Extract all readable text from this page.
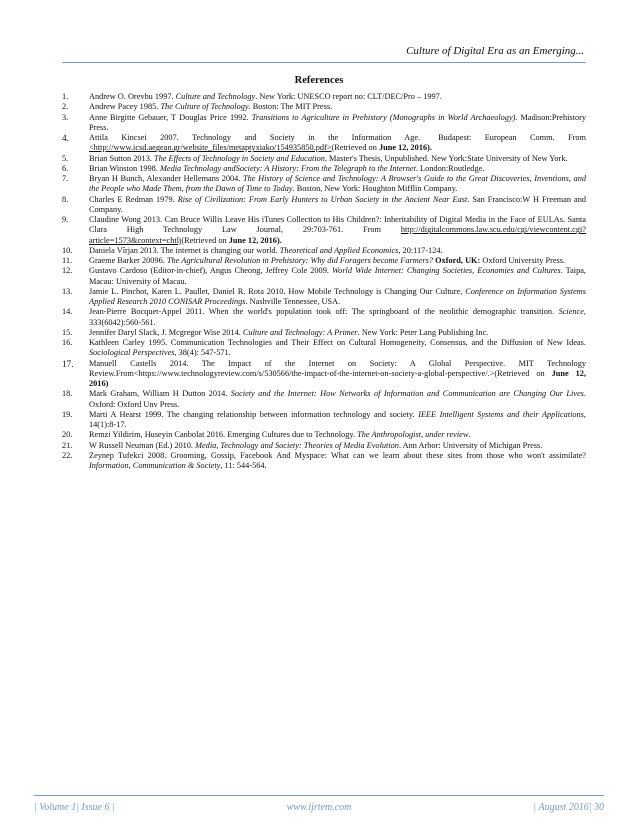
Culture of Digital Era as an Emerging...
References
1.	Andrew O. Orevbu 1997. Culture and Technology. New York: UNESCO report no: CLT/DEC/Pro – 1997.
2.	Andrew Pacey 1985. The Culture of Technology. Boston: The MIT Press.
3.	Anne Birgitte Gebauer, T Douglas Price 1992. Transitions to Agriculture in Prehistory (Monographs in World Archaeology). Madison:Prehistory Press.
4. Attila Kincsei 2007. Technology and Society in the Information Age. Budapest: European Comm. From <http://www.icsd.aegean.gr/website_files/metaptyxiako/154935850.pdf>(Retrieved on June 12, 2016).
5.	Brian Sutton 2013. The Effects of Technology in Society and Education. Master's Thesis, Unpublished. New York:State University of New York.
6.	Brian Winston 1998. Media Technology andSociety: A History: From the Telegraph to the Internet. London:Routledge.
7.	Bryan H Bunch, Alexander Hellemans 2004. The History of Science and Technology: A Browser's Guide to the Great Discoveries, Inventions, and the People who Made Them, from the Dawn of Time to Today. Boston, New York: Houghton Mifflin Company.
8.	Charles E Redman 1979. Rise of Civilization: From Early Hunters to Urban Society in the Ancient Near East. San Francisco:W H Freeman and Company.
9.	Claudine Wong 2013. Can Bruce Willis Leave His iTunes Collection to His Children?: Inheritability of Digital Media in the Face of EULAs. Santa Clara High Technology Law Journal, 29:703-761. From http://digitalcommons.law.scu.edu/cgi/viewcontent.cgi?article=1573&context=chtlj(Retrieved on June 12, 2016).
10. Daniela Vîrjan 2013. The internet is changing our world. Theoretical and Applied Economics, 20:117-124.
11. Graeme Barker 20096. The Agricultural Revolution in Prehistory: Why did Foragers become Farmers? Oxford, UK: Oxford University Press.
12. Gustavo Cardoso (Editor-in-chief), Angus Cheong, Jeffrey Cole 2009. World Wide Internet: Changing Societies, Economies and Cultures. Taipa, Macau: University of Macau.
13. Jamie L. Pinchot, Karen L. Paullet, Daniel R. Rota 2010. How Mobile Technology is Changing Our Culture, Conference on Information Systems Applied Research 2010 CONISAR Proceedings. Nashville Tennessee, USA.
14. Jean-Pierre Bocquet-Appel 2011. When the world's population took off: The springboard of the neolithic demographic transition. Science, 333(6042):560-561.
15. Jennifer Daryl Slack, J. Mcgregor Wise 2014. Culture and Technology: A Primer. New York: Peter Lang Publishing Inc.
16. Kathleen Carley 1995. Communication Technologies and Their Effect on Cultural Homogeneity, Consensus, and the Diffusion of New Ideas. Sociological Perspectives, 38(4): 547-571.
17. Manuell Castells 2014. The Impact of the Internet on Society: A Global Perspective. MIT Technology Review.From<https://www.technologyreview.com/s/530566/the-impact-of-the-internet-on-society-a-global-perspective/.>(Retrieved on June 12, 2016)
18. Mark Graham, William H Dutton 2014. Society and the Internet: How Networks of Information and Communication are Changing Our Lives. Oxford: Oxford Unv Press.
19. Marti A Hearst 1999. The changing relationship between information technology and society. IEEE Intelligent Systems and their Applications, 14(1):8-17.
20. Remzi Yildirim, Huseyin Canbolat 2016. Emerging Cultures due to Technology. The Anthropologist, under review.
21. W Russell Neuman (Ed.) 2010. Media, Technology and Society: Theories of Media Evolution. Ann Arbor: University of Michigan Press.
22. Zeynep Tufekci 2008. Grooming, Gossip, Facebook And Myspace: What can we learn about these sites from those who won't assimilate?Information, Communication & Society, 11: 544-564.
| Volume 1| Issue 6 |	www.ijrtem.com	| August 2016| 30
